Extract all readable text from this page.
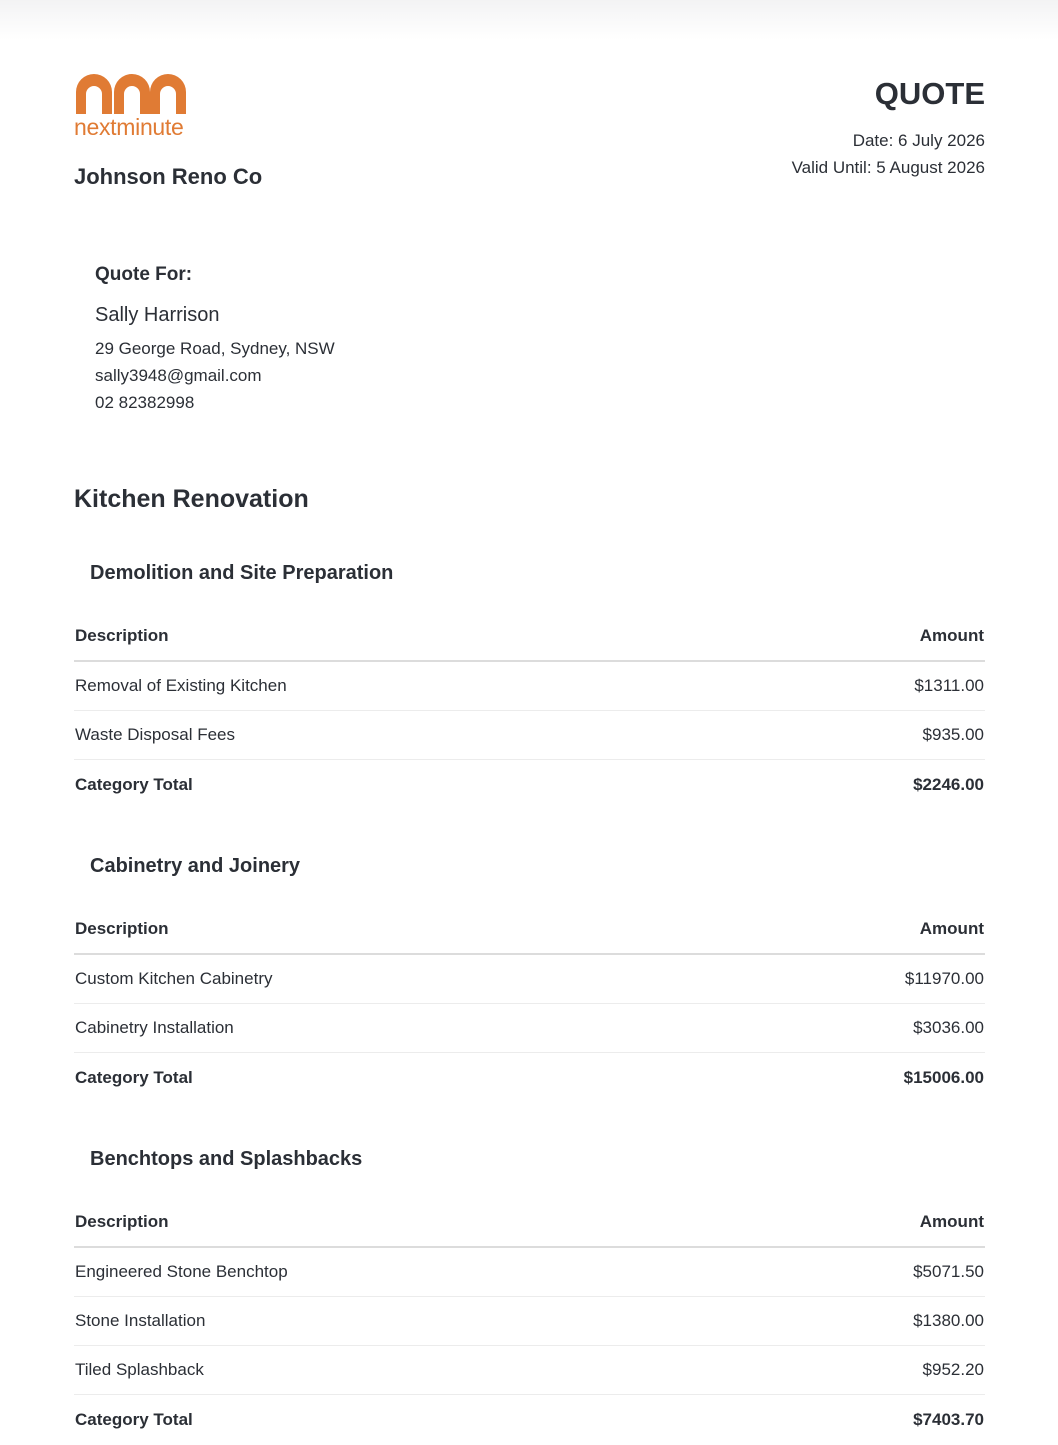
nextminute
Johnson Reno Co
QUOTE
Date: 6 July 2026
Valid Until: 5 August 2026
Quote For:
Sally Harrison
29 George Road, Sydney, NSW
sally3948@gmail.com
02 82382998
Kitchen Renovation
Demolition and Site Preparation
Description	Amount
Removal of Existing Kitchen	$1311.00
Waste Disposal Fees	$935.00
Category Total	$2246.00
Cabinetry and Joinery
Description	Amount
Custom Kitchen Cabinetry	$11970.00
Cabinetry Installation	$3036.00
Category Total	$15006.00
Benchtops and Splashbacks
Description	Amount
Engineered Stone Benchtop	$5071.50
Stone Installation	$1380.00
Tiled Splashback	$952.20
Category Total	$7403.70
